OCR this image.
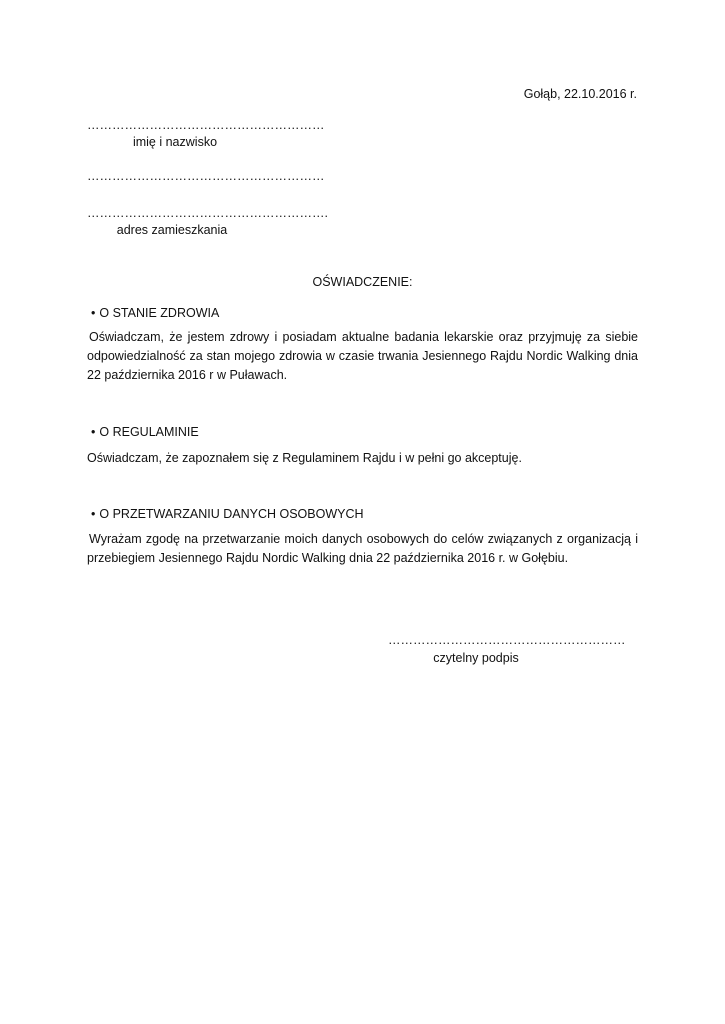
Gołąb, 22.10.2016 r.
…………………………………………………
imię i nazwisko
…………………………………………………
………………………………………………….
adres zamieszkania
OŚWIADCZENIE:
• O STANIE ZDROWIA
Oświadczam, że jestem zdrowy i posiadam aktualne badania lekarskie oraz przyjmuję za siebie odpowiedzialność za stan mojego zdrowia w czasie trwania Jesiennego Rajdu Nordic Walking dnia 22 października 2016 r w Puławach.
• O REGULAMINIE
Oświadczam, że zapoznałem się z Regulaminem Rajdu i w pełni go akceptuję.
• O PRZETWARZANIU DANYCH OSOBOWYCH
Wyrażam zgodę na przetwarzanie moich danych osobowych do celów związanych z organizacją i przebiegiem Jesiennego Rajdu Nordic Walking dnia 22 października 2016 r. w Gołębiu.
…………………………………………………
czytelny podpis
